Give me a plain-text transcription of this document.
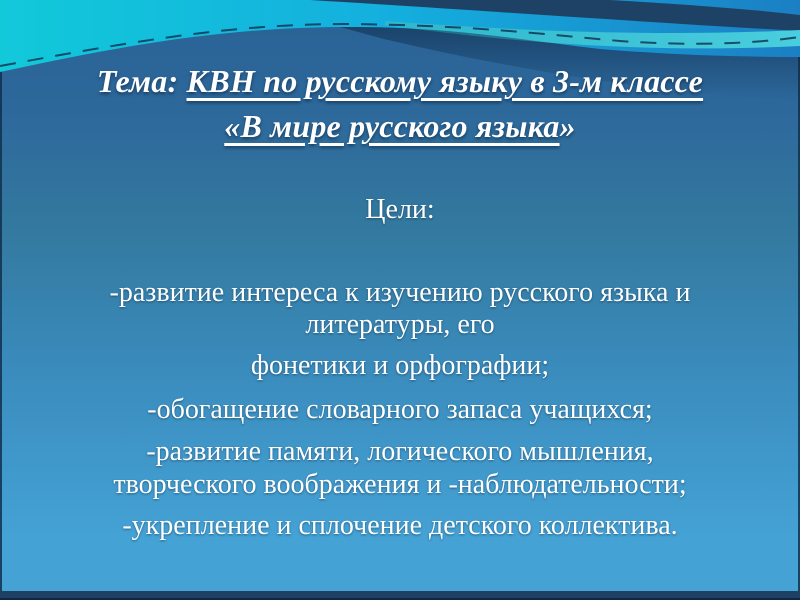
Тема: КВН по русскому языку в 3-м классе
«В мире русского языка»
Цели:
-развитие интереса к изучению русского языка и
литературы, его
фонетики и орфографии;
-обогащение словарного запаса учащихся;
-развитие памяти, логического мышления,
творческого воображения и -наблюдательности;
-укрепление и сплочение детского коллектива.
